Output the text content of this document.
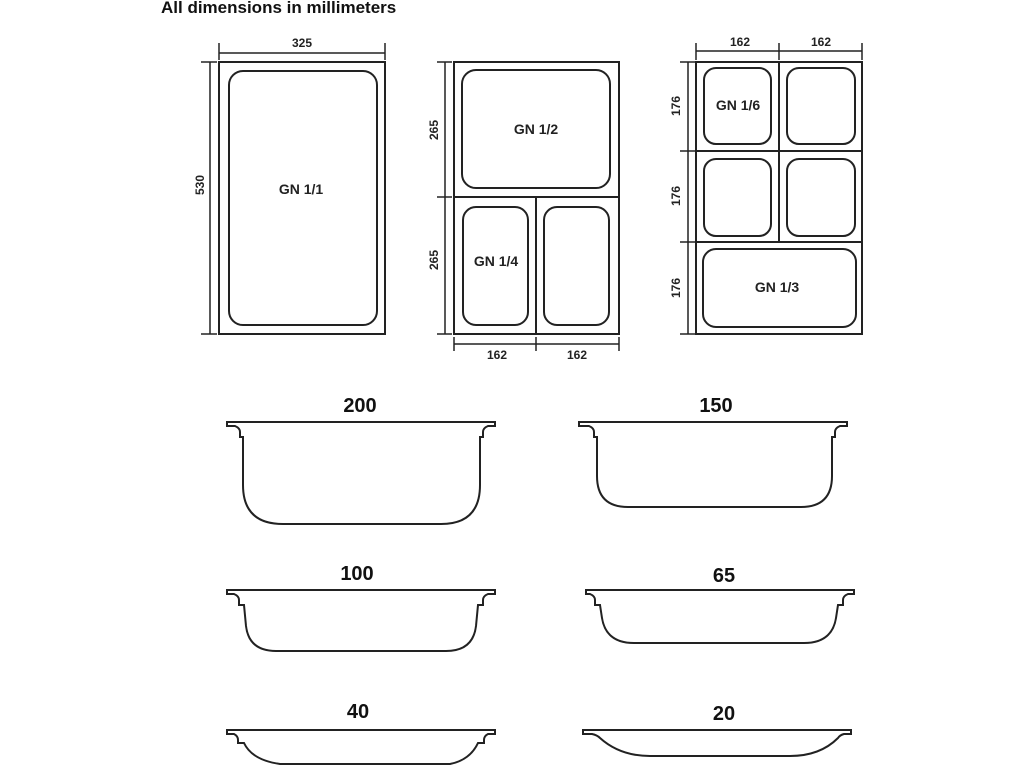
All dimensions in millimeters
325
530	GN 1/1
265
265
162	162
GN 1/2
GN 1/4
162	162
176
176
176
GN 1/6
GN 1/3
200	150
100	65
40	20
